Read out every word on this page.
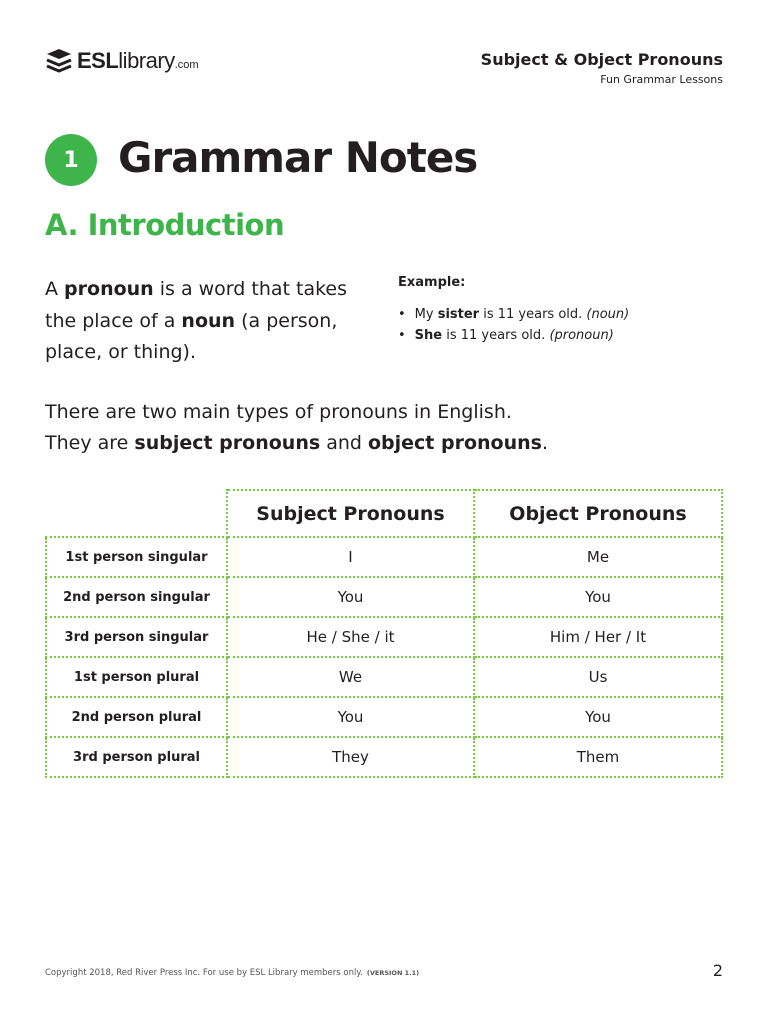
ESL library .com	Subject & Object Pronouns
Fun Grammar Lessons
1 Grammar Notes
A. Introduction
A pronoun is a word that takes the place of a noun (a person, place, or thing).
Example:
• My sister is 11 years old. (noun)
• She is 11 years old. (pronoun)
There are two main types of pronouns in English.
They are subject pronouns and object pronouns.
	Subject Pronouns	Object Pronouns
1st person singular	I	Me
2nd person singular	You	You
3rd person singular	He / She / it	Him / Her / It
1st person plural	We	Us
2nd person plural	You	You
3rd person plural	They	Them
Copyright 2018, Red River Press Inc. For use by ESL Library members only. (VERSION 1.1)	2
